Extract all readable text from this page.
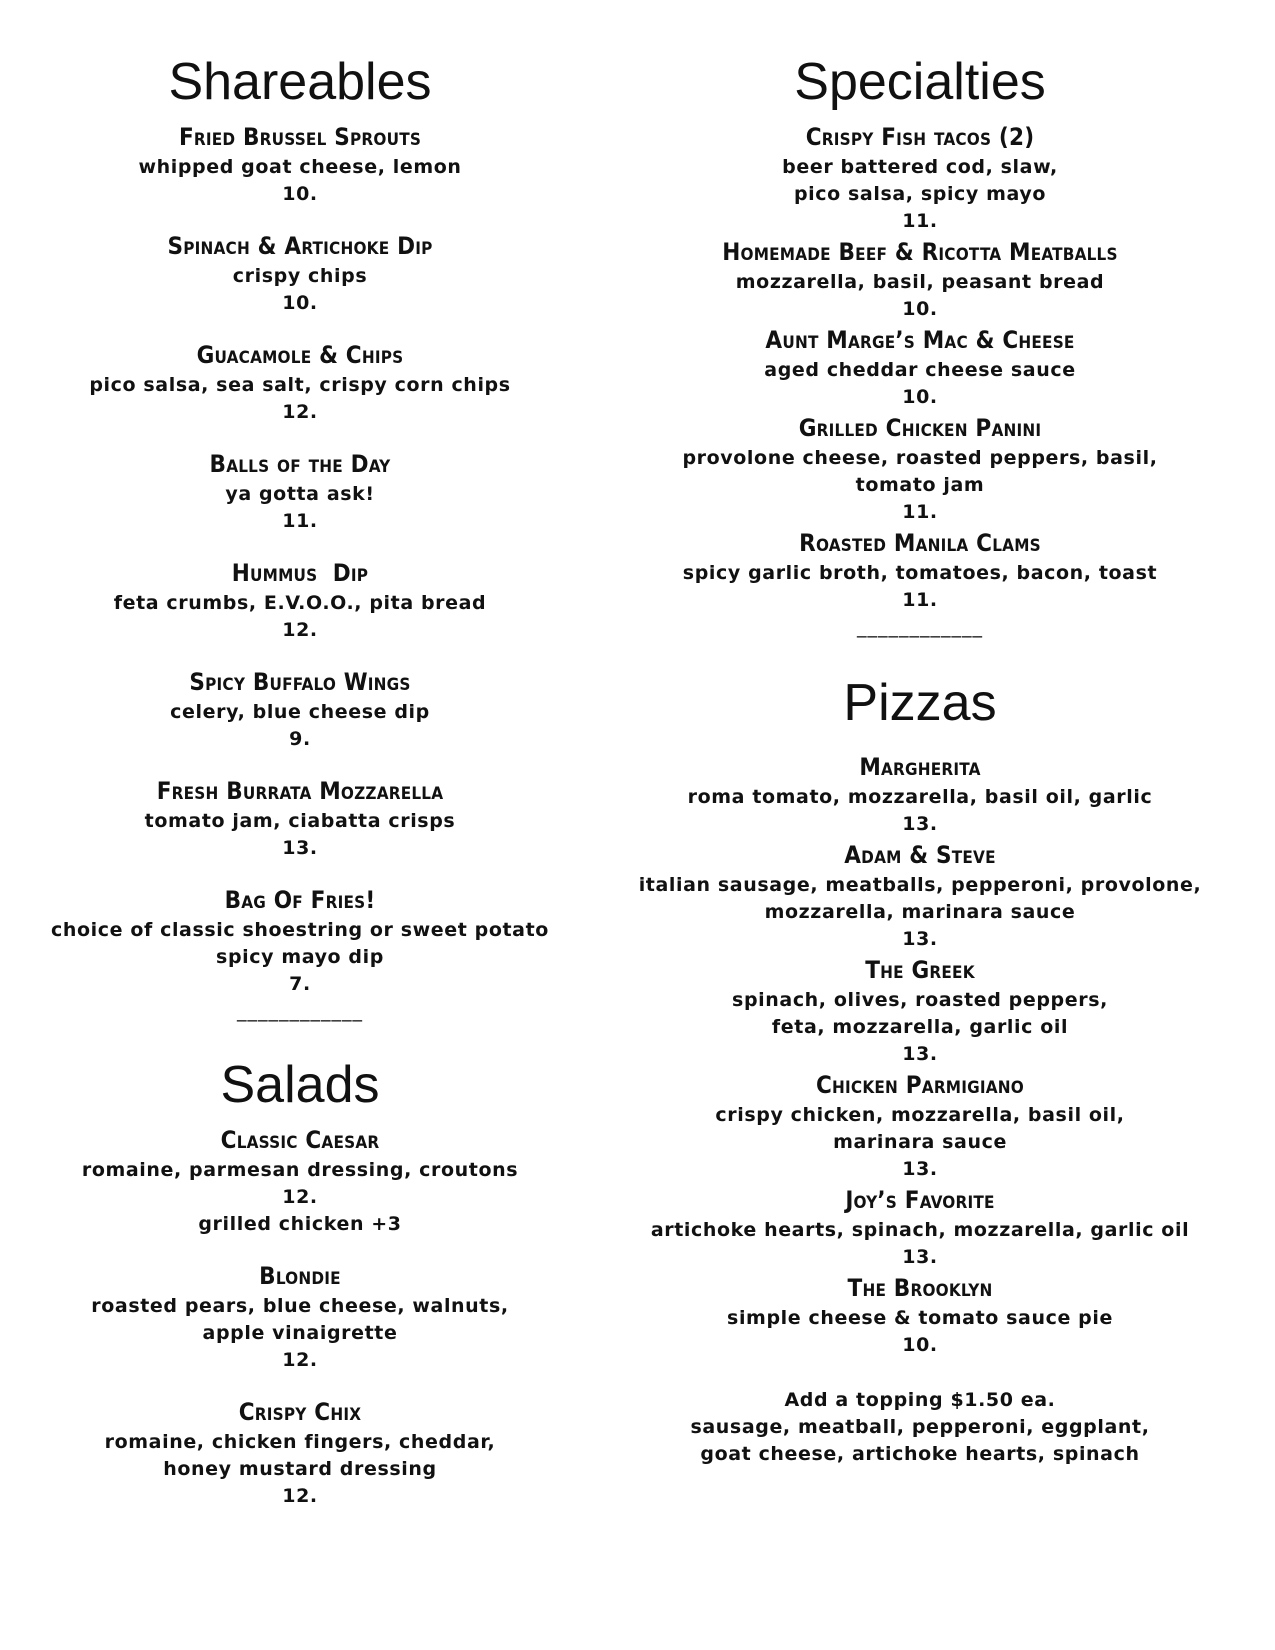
Shareables
Fried Brussel Sprouts
whipped goat cheese, lemon
10.
Spinach & Artichoke Dip
crispy chips
10.
Guacamole & Chips
pico salsa, sea salt, crispy corn chips
12.
Balls of the Day
ya gotta ask!
11.
Hummus  Dip
feta crumbs, E.V.O.O., pita bread
12.
Spicy Buffalo Wings
celery, blue cheese dip
9.
Fresh Burrata Mozzarella
tomato jam, ciabatta crisps
13.
Bag Of Fries!
choice of classic shoestring or sweet potato
spicy mayo dip
7.
____________
Salads
Classic Caesar
romaine, parmesan dressing, croutons
12.
grilled chicken +3
Blondie
roasted pears, blue cheese, walnuts,
apple vinaigrette
12.
Crispy Chix
romaine, chicken fingers, cheddar,
honey mustard dressing
12.
Specialties
Crispy Fish tacos (2)
beer battered cod, slaw,
pico salsa, spicy mayo
11.
Homemade Beef & Ricotta Meatballs
mozzarella, basil, peasant bread
10.
Aunt Marge’s Mac & Cheese
aged cheddar cheese sauce
10.
Grilled Chicken Panini
provolone cheese, roasted peppers, basil,
tomato jam
11.
Roasted Manila Clams
spicy garlic broth, tomatoes, bacon, toast
11.
____________
Pizzas
Margherita
roma tomato, mozzarella, basil oil, garlic
13.
Adam & Steve
italian sausage, meatballs, pepperoni, provolone,
mozzarella, marinara sauce
13.
The Greek
spinach, olives, roasted peppers,
feta, mozzarella, garlic oil
13.
Chicken Parmigiano
crispy chicken, mozzarella, basil oil,
marinara sauce
13.
Joy’s Favorite
artichoke hearts, spinach, mozzarella, garlic oil
13.
The Brooklyn
simple cheese & tomato sauce pie
10.
Add a topping $1.50 ea.
sausage, meatball, pepperoni, eggplant,
goat cheese, artichoke hearts, spinach
